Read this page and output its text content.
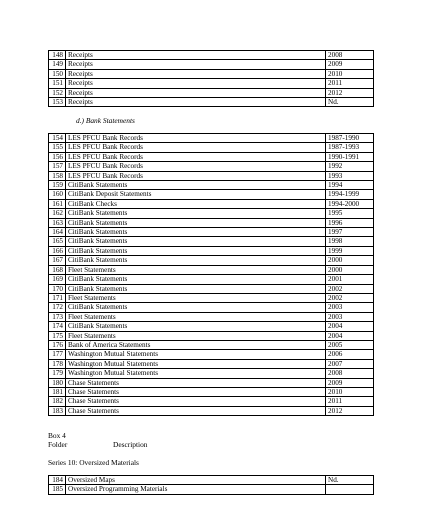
148	Receipts	2008
149	Receipts	2009
150	Receipts	2010
151	Receipts	2011
152	Receipts	2012
153	Receipts	Nd.
d.) Bank Statements
154	LES PFCU Bank Records	1987-1990
155	LES PFCU Bank Records	1987-1993
156	LES PFCU Bank Records	1990-1991
157	LES PFCU Bank Records	1992
158	LES PFCU Bank Records	1993
159	CitiBank Statements	1994
160	CitiBank Deposit Statements	1994-1999
161	CitiBank Checks	1994-2000
162	CitiBank Statements	1995
163	CitiBank Statements	1996
164	CitiBank Statements	1997
165	CitiBank Statements	1998
166	CitiBank Statements	1999
167	CitiBank Statements	2000
168	Fleet Statements	2000
169	CitiBank Statements	2001
170	CitiBank Statements	2002
171	Fleet Statements	2002
172	CitiBank Statements	2003
173	Fleet Statements	2003
174	CitiBank Statements	2004
175	Fleet Statements	2004
176	Bank of America Statements	2005
177	Washington Mutual Statements	2006
178	Washington Mutual Statements	2007
179	Washington Mutual Statements	2008
180	Chase Statements	2009
181	Chase Statements	2010
182	Chase Statements	2011
183	Chase Statements	2012
Box 4
Folder	Description
Series 10: Oversized Materials
184	Oversized Maps	Nd.
185	Oversized Programming Materials	
